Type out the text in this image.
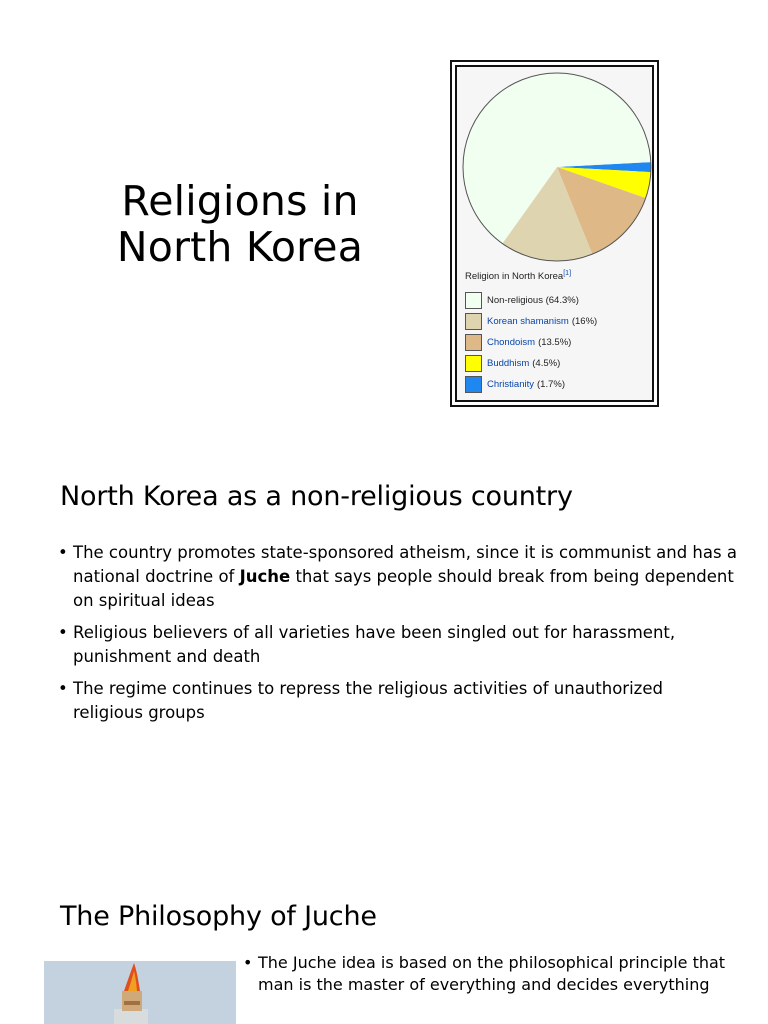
Religions in
North Korea
Religion in North Korea[1]
Non-religious (64.3%)
Korean shamanism (16%)
Chondoism (13.5%)
Buddhism (4.5%)
Christianity (1.7%)
North Korea as a non-religious country
• The country promotes state-sponsored atheism, since it is communist and has a national doctrine of Juche that says people should break from being dependent on spiritual ideas
• Religious believers of all varieties have been singled out for harassment, punishment and death
• The regime continues to repress the religious activities of unauthorized religious groups
The Philosophy of Juche
• The Juche idea is based on the philosophical principle that man is the master of everything and decides everything
